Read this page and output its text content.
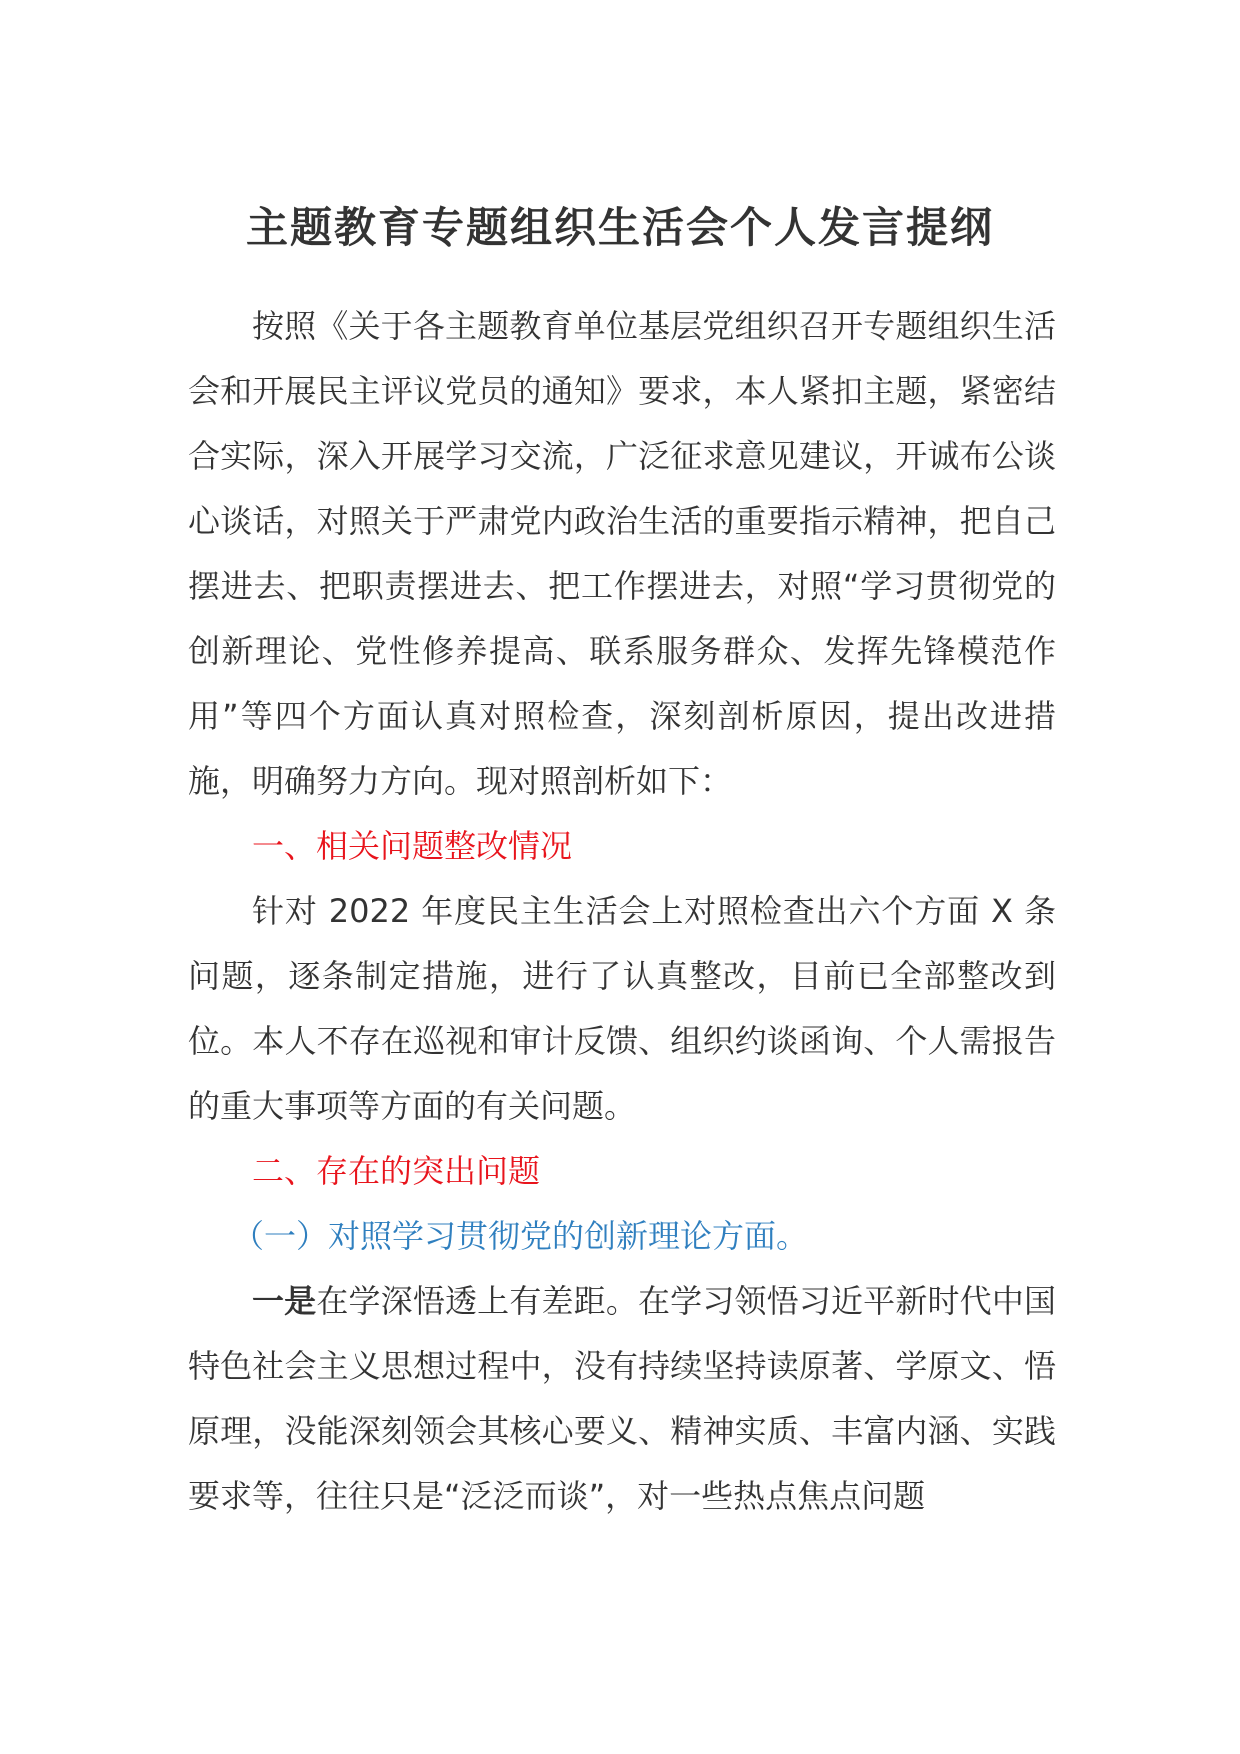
主题教育专题组织生活会个人发言提纲

按照《关于各主题教育单位基层党组织召开专题组织生活会和开展民主评议党员的通知》要求，本人紧扣主题，紧密结合实际，深入开展学习交流，广泛征求意见建议，开诚布公谈心谈话，对照关于严肃党内政治生活的重要指示精神，把自己摆进去、把职责摆进去、把工作摆进去，对照“学习贯彻党的创新理论、党性修养提高、联系服务群众、发挥先锋模范作用”等四个方面认真对照检查，深刻剖析原因，提出改进措施，明确努力方向。现对照剖析如下：

一、相关问题整改情况

针对 2022 年度民主生活会上对照检查出六个方面 X 条问题，逐条制定措施，进行了认真整改，目前已全部整改到位。本人不存在巡视和审计反馈、组织约谈函询、个人需报告的重大事项等方面的有关问题。

二、存在的突出问题

（一）对照学习贯彻党的创新理论方面。

一是在学深悟透上有差距。在学习领悟习近平新时代中国特色社会主义思想过程中，没有持续坚持读原著、学原文、悟原理，没能深刻领会其核心要义、精神实质、丰富内涵、实践要求等，往往只是“泛泛而谈”，对一些热点焦点问题
